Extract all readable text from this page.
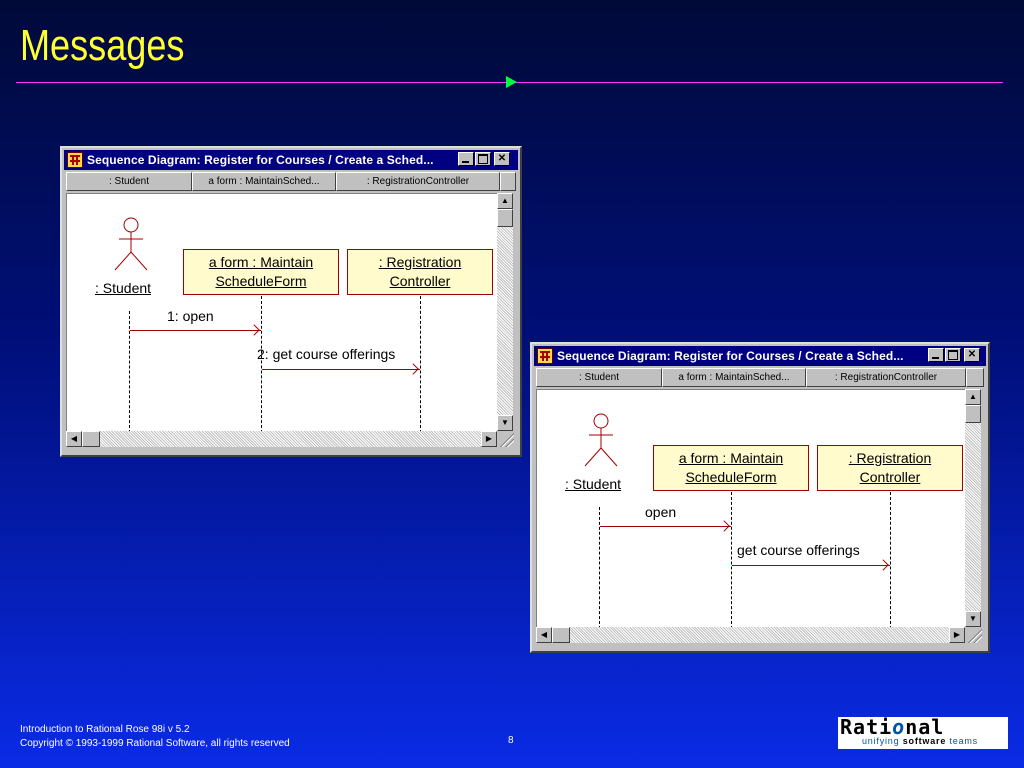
Messages
Sequence Diagram: Register for Courses / Create a Sched...	✕
: Student	a form : MaintainSched...	: RegistrationController
: Student
a form : Maintain
ScheduleForm
: Registration
Controller
1: open
2: get course offerings
▲
▼
◀	▶
Sequence Diagram: Register for Courses / Create a Sched...	✕
: Student	a form : MaintainSched...	: RegistrationController
: Student
a form : Maintain
ScheduleForm
: Registration
Controller
open
get course offerings
▲
▼
◀	▶
Introduction to Rational Rose 98i v 5.2
Copyright © 1993-1999 Rational Software, all rights reserved	8
Rational
unifying software teams
